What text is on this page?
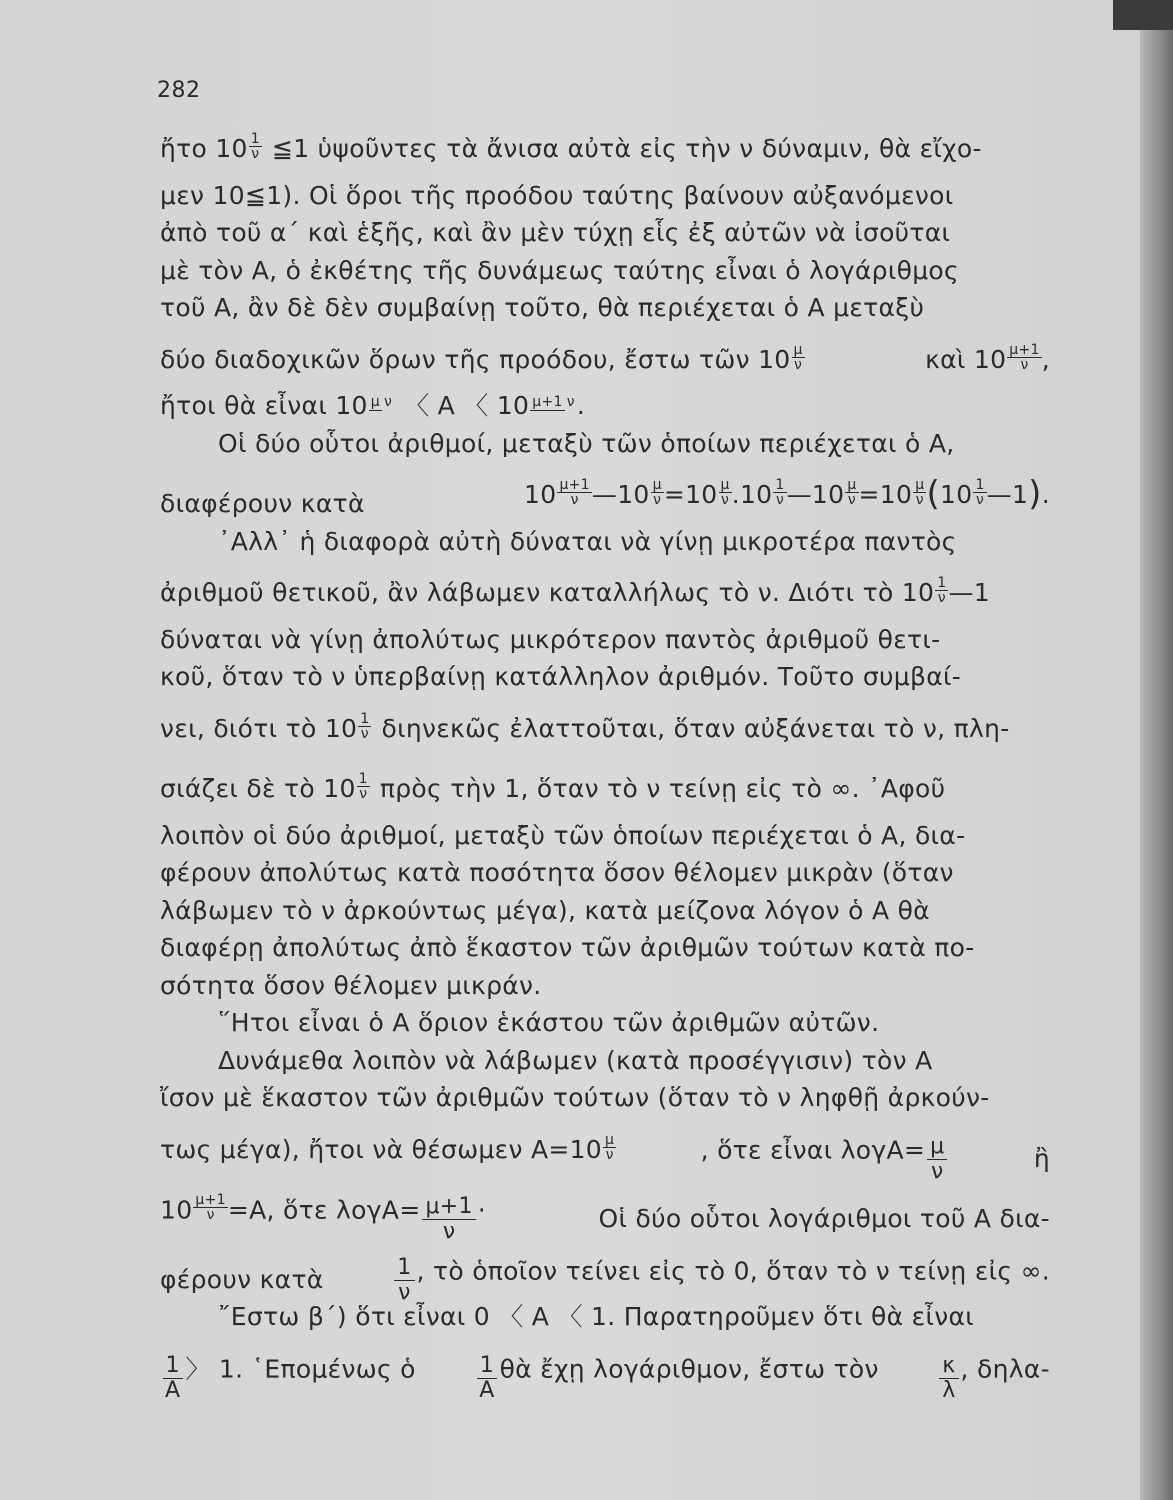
282
ἤτο $10 \frac{1}{\nu}$ ≦1 ὑψοῦντες τὰ ἄνισα αὐτὰ εἰς τὴν ν δύναμιν, θὰ εἴχο-
μεν 10≦1). Οἱ ὅροι τῆς προόδου ταύτης βαίνουν αὐξανόμενοι
ἀπὸ τοῦ α΄ καὶ ἑξῆς, καὶ ἂν μὲν τύχῃ εἷς ἐξ αὐτῶν νὰ ἰσοῦται
μὲ τὸν Α, ὁ ἐκθέτης τῆς δυνάμεως ταύτης εἶναι ὁ λογάριθμος
τοῦ Α, ἂν δὲ δὲν συμβαίνῃ τοῦτο, θὰ περιέχεται ὁ Α μεταξὺ
δύο διαδοχικῶν ὅρων τῆς προόδου, ἔστω τῶν $10 \frac{\mu}{\nu}$	καὶ $10 \frac{\mu+1}{\nu}$ ,
ἤτοι θὰ εἶναι 10 μ ν 〈 Α 〈 10 μ+1 ν .
Οἱ δύο οὗτοι ἀριθμοί, μεταξὺ τῶν ὁποίων περιέχεται ὁ Α,
διαφέρουν κατὰ	$10 \frac{\mu+1}{\nu}$ —10 $\frac{\mu}{\nu} =10 \frac{\mu}{\nu} .10 \frac{1}{\nu}$ —10 $\frac{\mu}{\nu} =10 \frac{\mu}{\nu} (10 \frac{1}{\nu}$ —1).
᾿Αλλ᾿ ἡ διαφορὰ αὐτὴ δύναται νὰ γίνῃ μικροτέρα παντὸς
ἀριθμοῦ θετικοῦ, ἂν λάβωμεν καταλλήλως τὸ ν. Διότι τὸ $10 \frac{1}{\nu}$ —1
δύναται νὰ γίνῃ ἀπολύτως μικρότερον παντὸς ἀριθμοῦ θετι-
κοῦ, ὅταν τὸ ν ὑπερβαίνῃ κατάλληλον ἀριθμόν. Τοῦτο συμβαί-
νει, διότι τὸ $10 \frac{1}{\nu}$ διηνεκῶς ἐλαττοῦται, ὅταν αὐξάνεται τὸ ν, πλη-
σιάζει δὲ τὸ $10 \frac{1}{\nu}$ πρὸς τὴν 1, ὅταν τὸ ν τείνῃ εἰς τὸ ∞. ᾿Αφοῦ
λοιπὸν οἱ δύο ἀριθμοί, μεταξὺ τῶν ὁποίων περιέχεται ὁ Α, δια-
φέρουν ἀπολύτως κατὰ ποσότητα ὅσον θέλομεν μικρὰν (ὅταν
λάβωμεν τὸ ν ἀρκούντως μέγα), κατὰ μείζονα λόγον ὁ Α θὰ
διαφέρῃ ἀπολύτως ἀπὸ ἕκαστον τῶν ἀριθμῶν τούτων κατὰ πο-
σότητα ὅσον θέλομεν μικράν.
῞Ητοι εἶναι ὁ Α ὅριον ἑκάστου τῶν ἀριθμῶν αὐτῶν.
Δυνάμεθα λοιπὸν νὰ λάβωμεν (κατὰ προσέγγισιν) τὸν Α
ἴσον μὲ ἕκαστον τῶν ἀριθμῶν τούτων (ὅταν τὸ ν ληφθῇ ἀρκούν-
τως μέγα), ἤτοι νὰ θέσωμεν $A=10 \frac{\mu}{\nu}$	, ὅτε εἶναι $\lambda o\gamma A= \frac{\mu}{\nu}$	ἢ
$10 \frac{\mu+1}{\nu} =A$, ὅτε $\lambda o\gamma A= \frac{\mu+1}{\nu}$ ·	Οἱ δύο οὗτοι λογάριθμοι τοῦ Α δια-
φέρουν κατὰ	$\frac{1}{\nu}$ , τὸ ὁποῖον τείνει εἰς τὸ 0, ὅταν τὸ ν τείνῃ εἰς ∞.
῎Εστω β΄) ὅτι εἶναι 0 〈 Α 〈 1. Παρατηροῦμεν ὅτι θὰ εἶναι
$\frac{1}{A}$ 〉 1. ῾Επομένως ὁ	$\frac{1}{A}$ θὰ ἔχῃ λογάριθμον, ἔστω τὸν	$\frac{\kappa}{\lambda}$ , δηλα-
